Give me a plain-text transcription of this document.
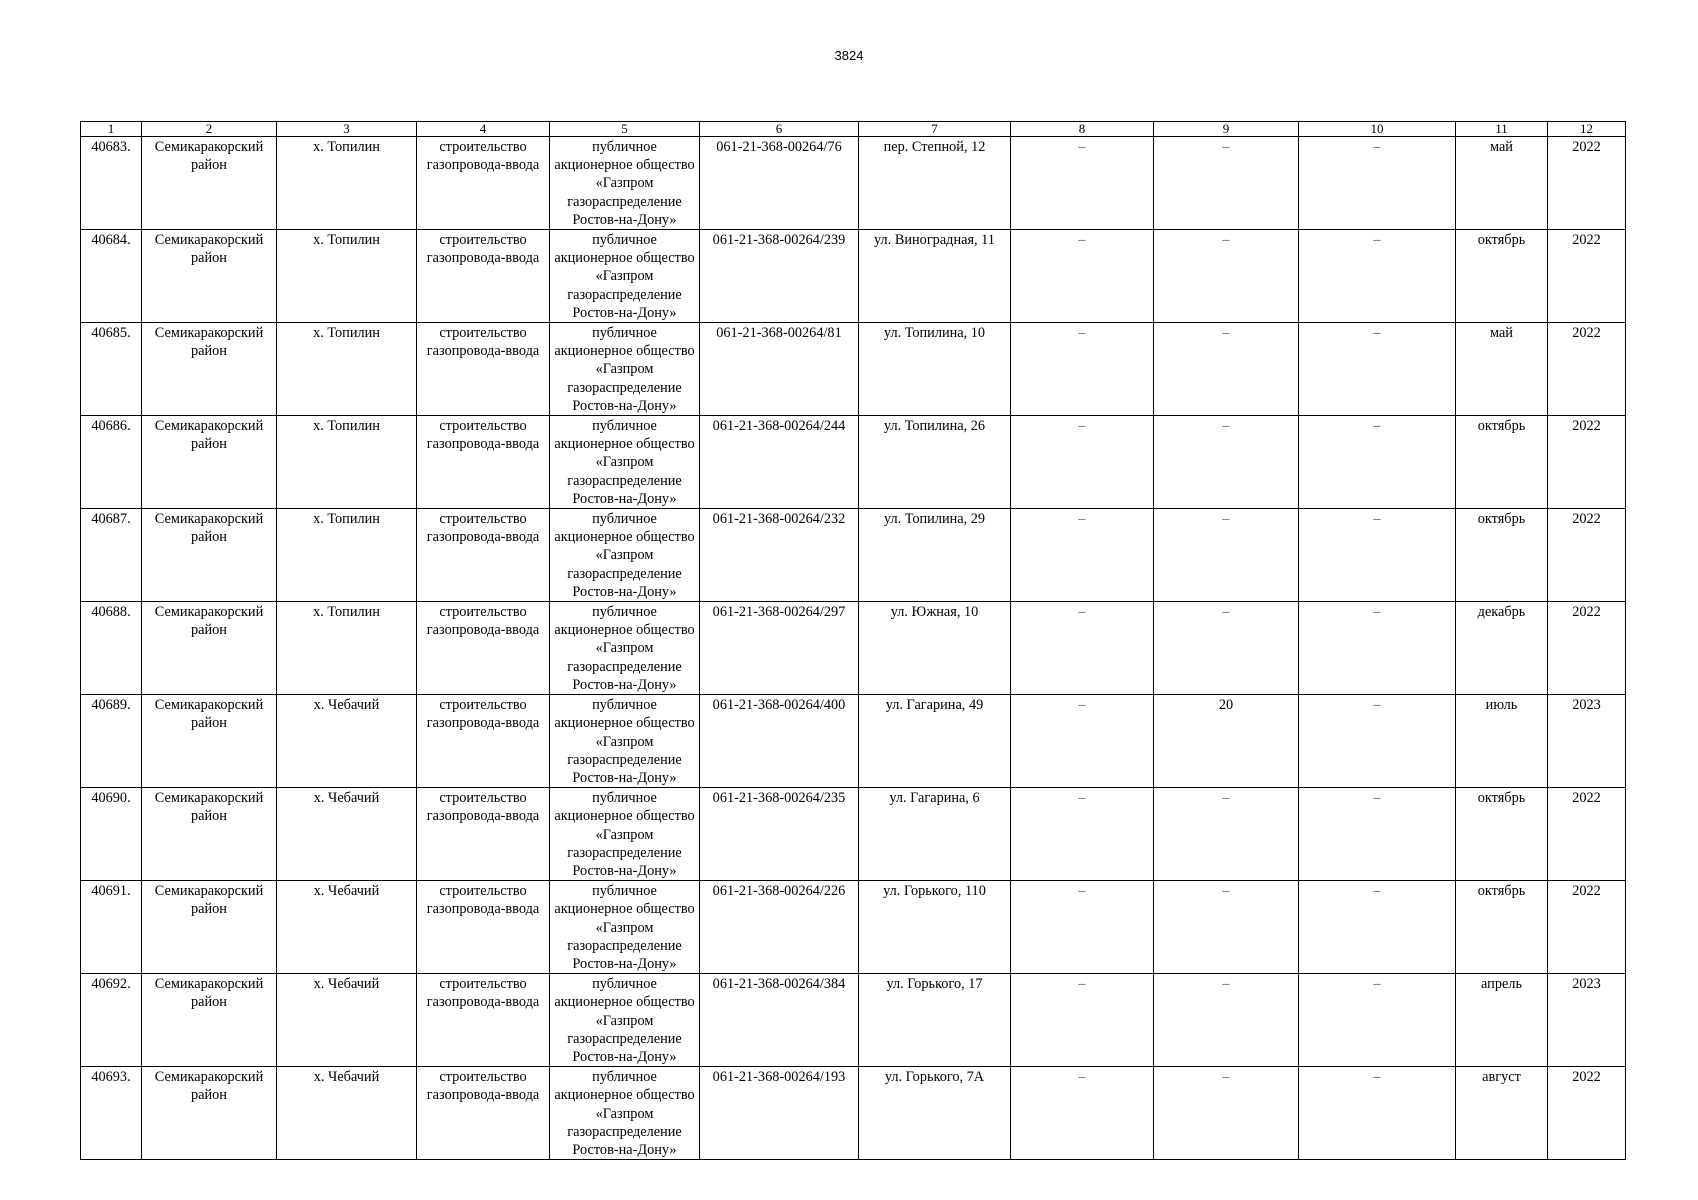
3824
1	2	3	4	5	6	7	8	9	10	11	12
40683.	Семикаракорский район	х. Топилин	строительство газопровода-ввода	публичное акционерное общество «Газпром газораспределение Ростов-на-Дону»	061-21-368-00264/76	пер. Степной, 12	–	–	–	май	2022
40684.	Семикаракорский район	х. Топилин	строительство газопровода-ввода	публичное акционерное общество «Газпром газораспределение Ростов-на-Дону»	061-21-368-00264/239	ул. Виноградная, 11	–	–	–	октябрь	2022
40685.	Семикаракорский район	х. Топилин	строительство газопровода-ввода	публичное акционерное общество «Газпром газораспределение Ростов-на-Дону»	061-21-368-00264/81	ул. Топилина, 10	–	–	–	май	2022
40686.	Семикаракорский район	х. Топилин	строительство газопровода-ввода	публичное акционерное общество «Газпром газораспределение Ростов-на-Дону»	061-21-368-00264/244	ул. Топилина, 26	–	–	–	октябрь	2022
40687.	Семикаракорский район	х. Топилин	строительство газопровода-ввода	публичное акционерное общество «Газпром газораспределение Ростов-на-Дону»	061-21-368-00264/232	ул. Топилина, 29	–	–	–	октябрь	2022
40688.	Семикаракорский район	х. Топилин	строительство газопровода-ввода	публичное акционерное общество «Газпром газораспределение Ростов-на-Дону»	061-21-368-00264/297	ул. Южная, 10	–	–	–	декабрь	2022
40689.	Семикаракорский район	х. Чебачий	строительство газопровода-ввода	публичное акционерное общество «Газпром газораспределение Ростов-на-Дону»	061-21-368-00264/400	ул. Гагарина, 49	–	20	–	июль	2023
40690.	Семикаракорский район	х. Чебачий	строительство газопровода-ввода	публичное акционерное общество «Газпром газораспределение Ростов-на-Дону»	061-21-368-00264/235	ул. Гагарина, 6	–	–	–	октябрь	2022
40691.	Семикаракорский район	х. Чебачий	строительство газопровода-ввода	публичное акционерное общество «Газпром газораспределение Ростов-на-Дону»	061-21-368-00264/226	ул. Горького, 110	–	–	–	октябрь	2022
40692.	Семикаракорский район	х. Чебачий	строительство газопровода-ввода	публичное акционерное общество «Газпром газораспределение Ростов-на-Дону»	061-21-368-00264/384	ул. Горького, 17	–	–	–	апрель	2023
40693.	Семикаракорский район	х. Чебачий	строительство газопровода-ввода	публичное акционерное общество «Газпром газораспределение Ростов-на-Дону»	061-21-368-00264/193	ул. Горького, 7А	–	–	–	август	2022
